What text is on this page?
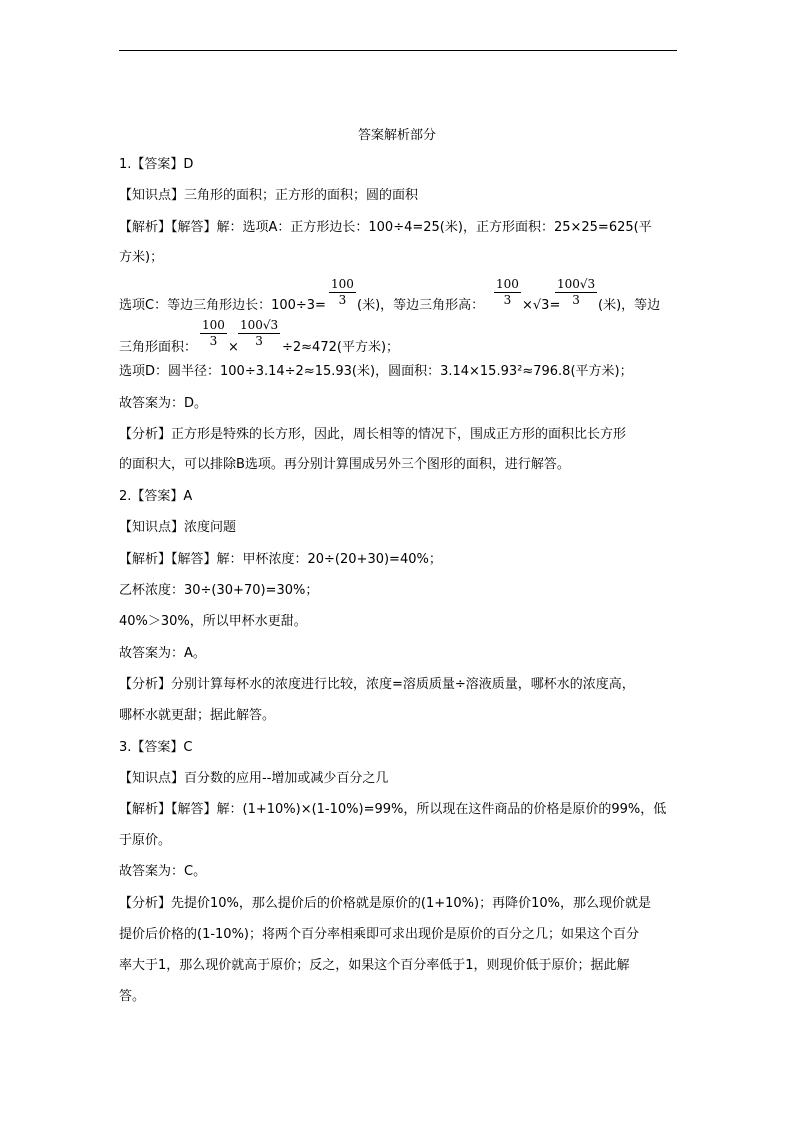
答案解析部分
1.【答案】D
【知识点】三角形的面积；正方形的面积；圆的面积
【解析】【解答】解：选项A：正方形边长：100÷4=25(米)，正方形面积：25×25=625(平
方米)；
选项C：等边三角形边长：$100\div 3= \frac{100}{3}$ (米)，等边三角形高： $\frac{100}{3} \times√3=$
$\frac{100√3}{3}$ (米)，等边
三角形面积： $\frac{100}{3} \times \frac{100√3}{3} \div 2\approx 472$(平方米)；
选项D：圆半径：100÷3.14÷2≈15.93(米)，圆面积：3.14×15.93²≈796.8(平方米)；
故答案为：D。
【分析】正方形是特殊的长方形，因此，周长相等的情况下，围成正方形的面积比长方形
的面积大，可以排除B选项。再分别计算围成另外三个图形的面积，进行解答。
2.【答案】A
【知识点】浓度问题
【解析】【解答】解：甲杯浓度：20÷(20+30)=40%；
乙杯浓度：30÷(30+70)=30%；
40%＞30%，所以甲杯水更甜。
故答案为：A。
【分析】分别计算每杯水的浓度进行比较，浓度=溶质质量÷溶液质量，哪杯水的浓度高，
哪杯水就更甜；据此解答。
3.【答案】C
【知识点】百分数的应用--增加或减少百分之几
【解析】【解答】解：(1+10%)×(1-10%)=99%，所以现在这件商品的价格是原价的99%，低
于原价。
故答案为：C。
【分析】先提价10%，那么提价后的价格就是原价的(1+10%)；再降价10%，那么现价就是
提价后价格的(1-10%)；将两个百分率相乘即可求出现价是原价的百分之几；如果这个百分
率大于1，那么现价就高于原价；反之，如果这个百分率低于1，则现价低于原价；据此解
答。
